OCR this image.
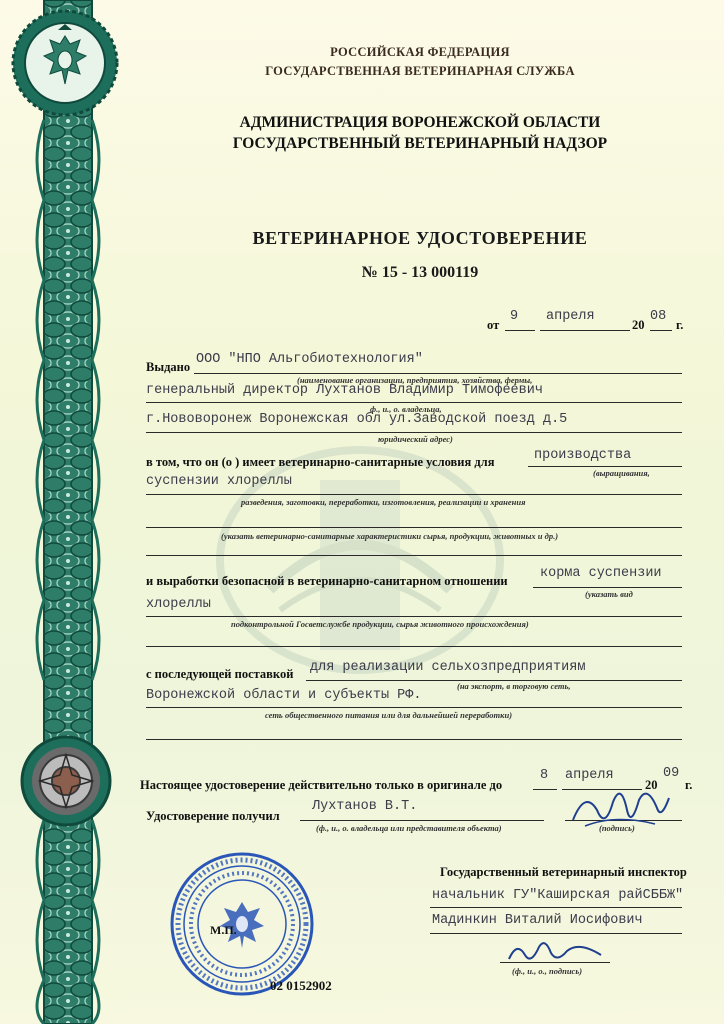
РОССИЙСКАЯ ФЕДЕРАЦИЯ
ГОСУДАРСТВЕННАЯ ВЕТЕРИНАРНАЯ СЛУЖБА
АДМИНИСТРАЦИЯ ВОРОНЕЖСКОЙ ОБЛАСТИ
ГОСУДАРСТВЕННЫЙ ВЕТЕРИНАРНЫЙ НАДЗОР
ВЕТЕРИНАРНОЕ УДОСТОВЕРЕНИЕ
№ 15 - 13 000119
от
9 апреля
20
08
г.
Выдано ООО "НПО Альгобиотехнология"
(наименование организации, предприятия, хозяйства, фермы,
генеральный директор Лухтанов Владимир Тимофеевич
ф., и., о. владельца,
г.Нововоронеж Воронежская обл ул.Заводской поезд д.5
юридический адрес)
в том, что он (о ) имеет ветеринарно-санитарные условия для	производства
(выращивания,
суспензии хлореллы
разведения, заготовки, переработки, изготовления, реализации и хранения
(указать ветеринарно-санитарные характеристики сырья, продукции, животных и др.)
и выработки безопасной в ветеринарно-санитарном отношении корма суспензии
(указать вид
хлореллы
подконтрольной Госветслужбе продукции, сырья животного происхождения)
с последующей поставкой для реализации сельхозпредприятиям
(на экспорт, в торговую сеть,
Воронежской области и субъекты РФ.
сеть общественного питания или для дальнейшей переработки)
Настоящее удостоверение действительно только в оригинале до
8 апреля
20
09
г.
Удостоверение получил
Лухтанов В.Т.
(ф., и., о. владельца или представителя объекта)	(подпись)
Государственный ветеринарный инспектор
начальник ГУ"Каширская райСББЖ"
Мадинкин Виталий Иосифович
(ф., и., о., подпись)
М.П.
02 0152902
